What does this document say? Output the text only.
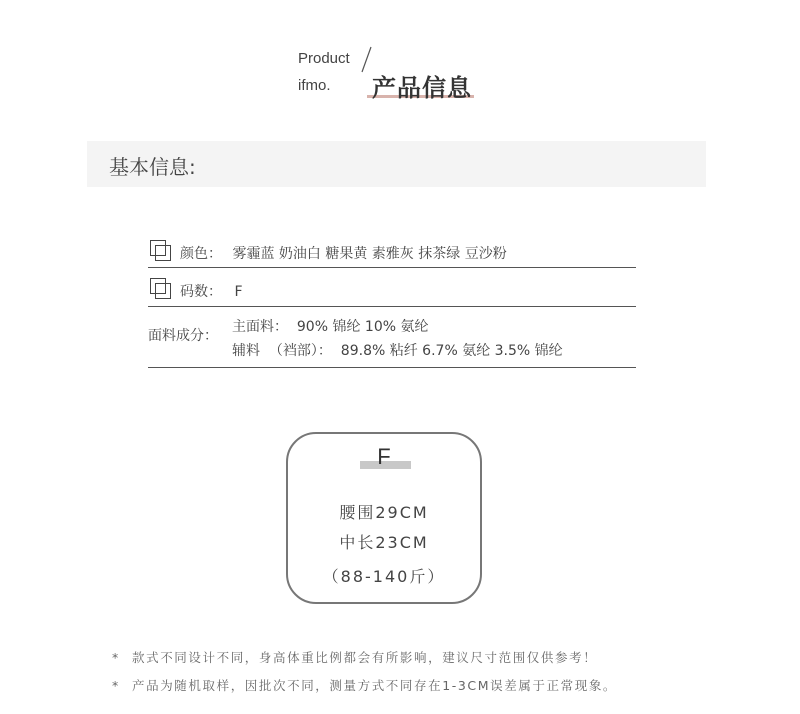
Product
ifmo. 产品信息
基本信息:
颜色： 雾霾蓝 奶油白 糖果黄 素雅灰 抹茶绿 豆沙粉
码数： F
面料成分：
主面料：  90% 锦纶 10% 氨纶
辅料  （裆部）：  89.8% 粘纤 6.7% 氨纶 3.5% 锦纶
F
腰围29CM
中长23CM
（88-140斤）
* 款式不同设计不同，身高体重比例都会有所影响，建议尺寸范围仅供参考！
* 产品为随机取样，因批次不同，测量方式不同存在1-3CM误差属于正常现象。
